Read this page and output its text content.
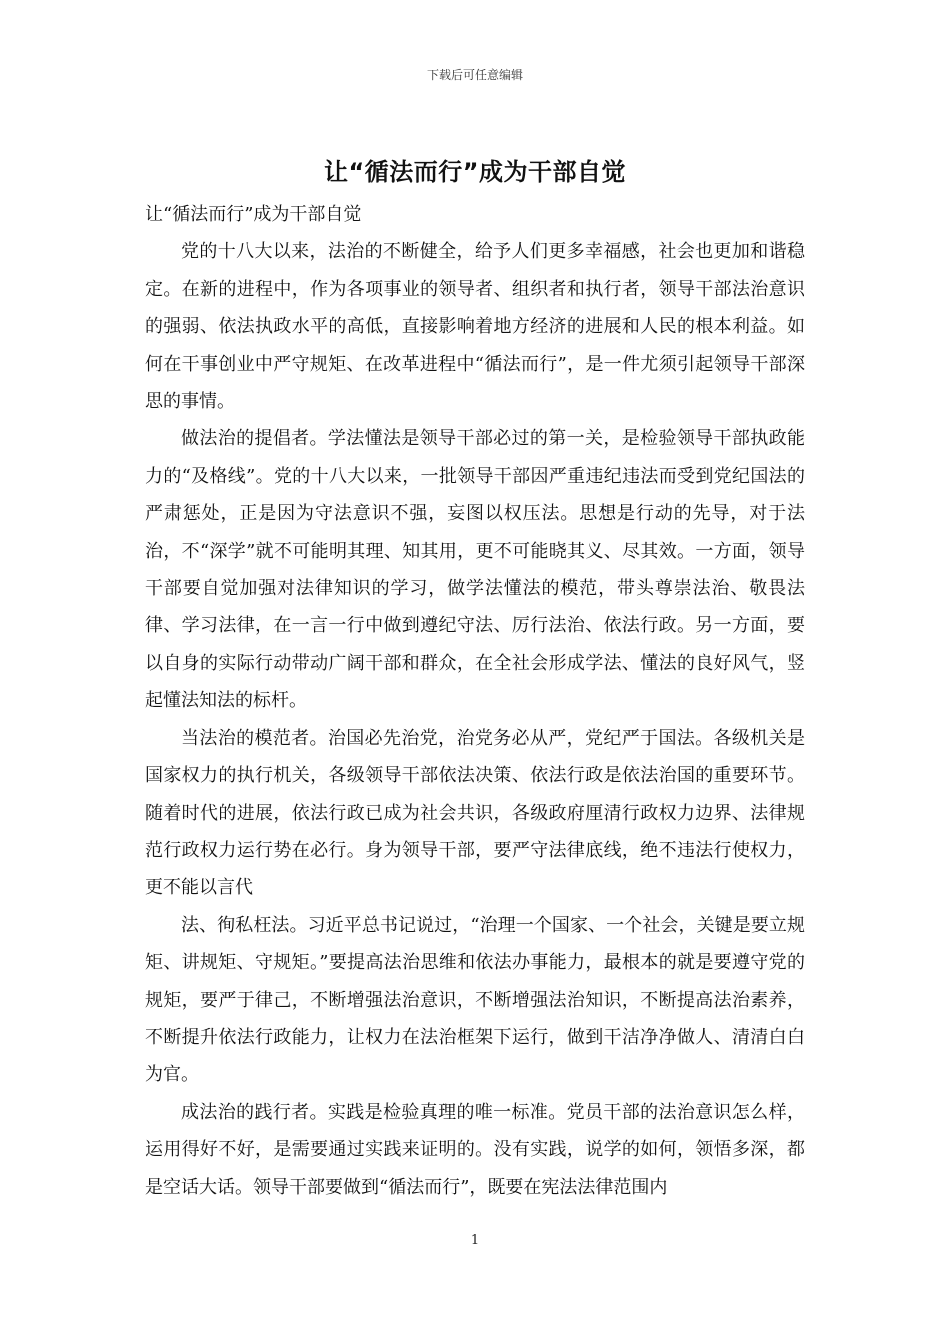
下载后可任意编辑
让“循法而行”成为干部自觉

让“循法而行”成为干部自觉

党的十八大以来，法治的不断健全，给予人们更多幸福感，社会也更加和谐稳定。在新的进程中，作为各项事业的领导者、组织者和执行者，领导干部法治意识的强弱、依法执政水平的高低，直接影响着地方经济的进展和人民的根本利益。如何在干事创业中严守规矩、在改革进程中“循法而行”，是一件尤须引起领导干部深思的事情。

做法治的提倡者。学法懂法是领导干部必过的第一关，是检验领导干部执政能力的“及格线”。党的十八大以来，一批领导干部因严重违纪违法而受到党纪国法的严肃惩处，正是因为守法意识不强，妄图以权压法。思想是行动的先导，对于法治，不“深学”就不可能明其理、知其用，更不可能晓其义、尽其效。一方面，领导干部要自觉加强对法律知识的学习，做学法懂法的模范，带头尊崇法治、敬畏法律、学习法律，在一言一行中做到遵纪守法、厉行法治、依法行政。另一方面，要以自身的实际行动带动广阔干部和群众，在全社会形成学法、懂法的良好风气，竖起懂法知法的标杆。

当法治的模范者。治国必先治党，治党务必从严，党纪严于国法。各级机关是国家权力的执行机关，各级领导干部依法决策、依法行政是依法治国的重要环节。随着时代的进展，依法行政已成为社会共识，各级政府厘清行政权力边界、法律规范行政权力运行势在必行。身为领导干部，要严守法律底线，绝不违法行使权力，更不能以言代

法、徇私枉法。习近平总书记说过，“治理一个国家、一个社会，关键是要立规矩、讲规矩、守规矩。”要提高法治思维和依法办事能力，最根本的就是要遵守党的规矩，要严于律己，不断增强法治意识，不断增强法治知识，不断提高法治素养，不断提升依法行政能力，让权力在法治框架下运行，做到干洁净净做人、清清白白为官。

成法治的践行者。实践是检验真理的唯一标准。党员干部的法治意识怎么样，运用得好不好，是需要通过实践来证明的。没有实践，说学的如何，领悟多深，都是空话大话。领导干部要做到“循法而行”，既要在宪法法律范围内

1
